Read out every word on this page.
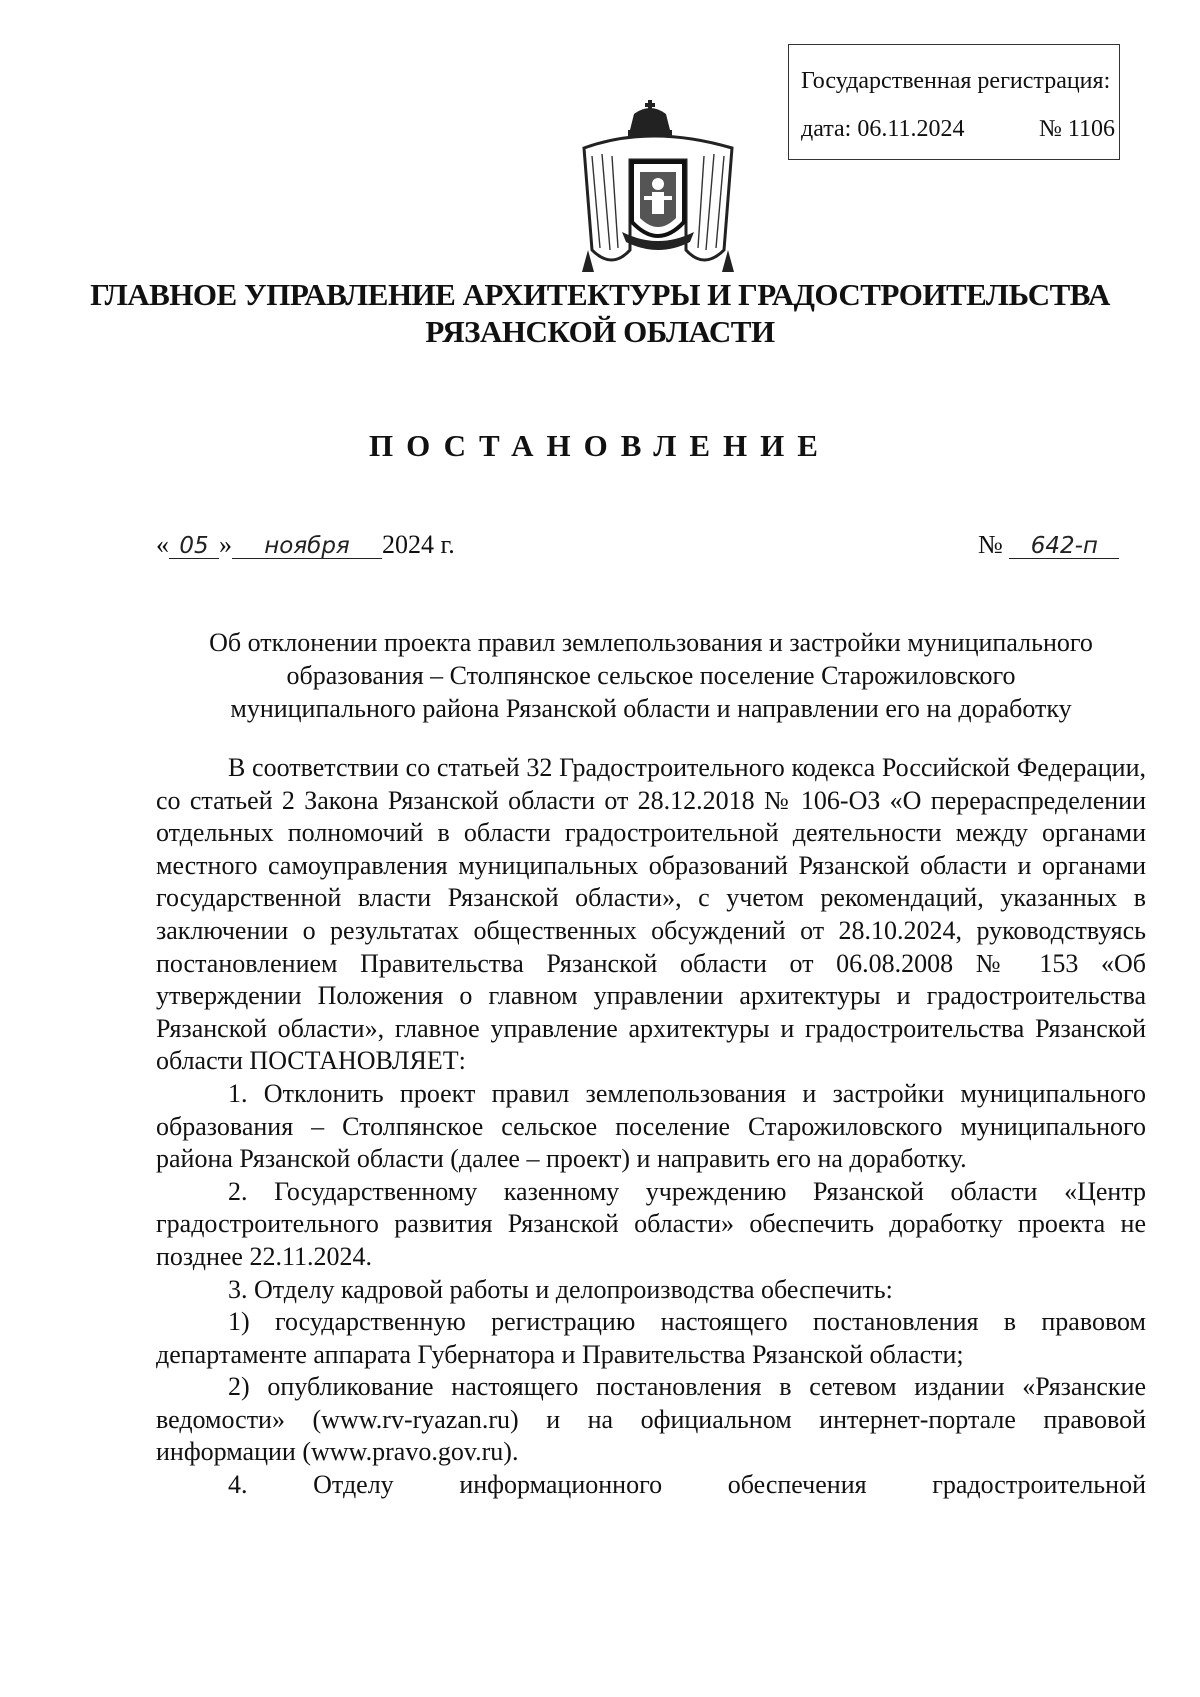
Государственная регистрация:
дата: 06.11.2024	№ 1106
ГЛАВНОЕ УПРАВЛЕНИЕ АРХИТЕКТУРЫ И ГРАДОСТРОИТЕЛЬСТВА
РЯЗАНСКОЙ ОБЛАСТИ
ПОСТАНОВЛЕНИЕ
« 05 » ноября 2024 г.	№ 642-п
Об отклонении проекта правил землепользования и застройки муниципального
образования – Столпянское сельское поселение Старожиловского
муниципального района Рязанской области и направлении его на доработку

В соответствии со статьей 32 Градостроительного кодекса Российской Федерации, со статьей 2 Закона Рязанской области от 28.12.2018 № 106-ОЗ «О перераспределении отдельных полномочий в области градостроительной деятельности между органами местного самоуправления муниципальных образований Рязанской области и органами государственной власти Рязанской области», с учетом рекомендаций, указанных в заключении о результатах общественных обсуждений от 28.10.2024, руководствуясь постановлением Правительства Рязанской области от 06.08.2008 № 153 «Об утверждении Положения о главном управлении архитектуры и градостроительства Рязанской области», главное управление архитектуры и градостроительства Рязанской области ПОСТАНОВЛЯЕТ:

1. Отклонить проект правил землепользования и застройки муниципального образования – Столпянское сельское поселение Старожиловского муниципального района Рязанской области (далее – проект) и направить его на доработку.

2. Государственному казенному учреждению Рязанской области «Центр градостроительного развития Рязанской области» обеспечить доработку проекта не позднее 22.11.2024.

3. Отделу кадровой работы и делопроизводства обеспечить:

1) государственную регистрацию настоящего постановления в правовом департаменте аппарата Губернатора и Правительства Рязанской области;

2) опубликование настоящего постановления в сетевом издании «Рязанские ведомости» (www.rv-ryazan.ru) и на официальном интернет-портале правовой информации (www.pravo.gov.ru).

4. Отделу информационного обеспечения градостроительной
